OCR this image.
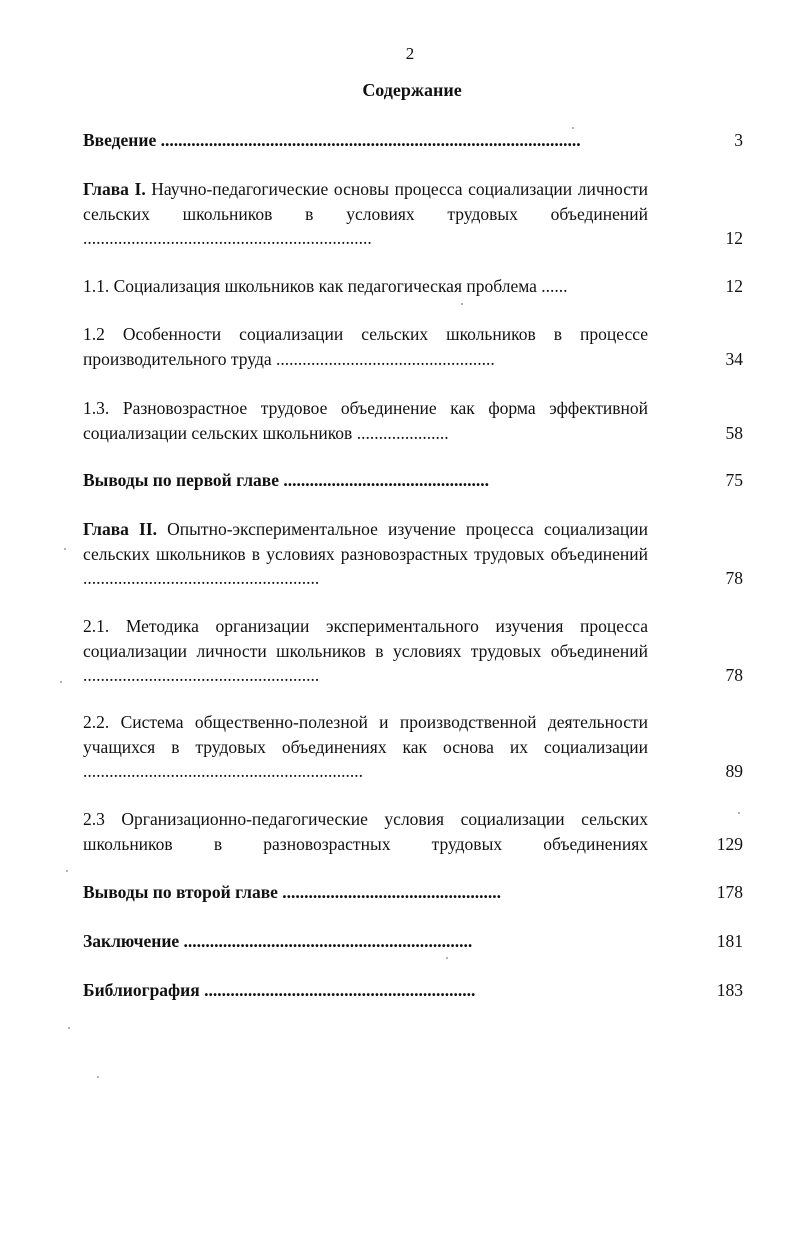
2
Содержание
Введение ................................................................................................	3
Глава I. Научно-педагогические основы процесса социализации личности сельских школьников в условиях трудовых объединений ..................................................................	12
1.1. Социализация школьников как педагогическая проблема ......	12
1.2 Особенности социализации сельских школьников в процессе производительного труда ..................................................	34
1.3. Разновозрастное трудовое объединение как форма эффективной социализации сельских школьников .....................	58
Выводы по первой главе ...............................................	75
Глава II. Опытно-экспериментальное изучение процесса социализации сельских школьников в условиях разновозрастных трудовых объединений ......................................................	78
2.1. Методика организации экспериментального изучения процесса социализации личности школьников в условиях трудовых объединений ......................................................	78
2.2. Система общественно-полезной и производственной деятельности учащихся в трудовых объединениях как основа их социализации ................................................................	89
2.3 Организационно-педагогические условия социализации сельских школьников в разновозрастных трудовых объединениях	129
Выводы по второй главе ..................................................	178
Заключение ..................................................................	181
Библиография ..............................................................	183
